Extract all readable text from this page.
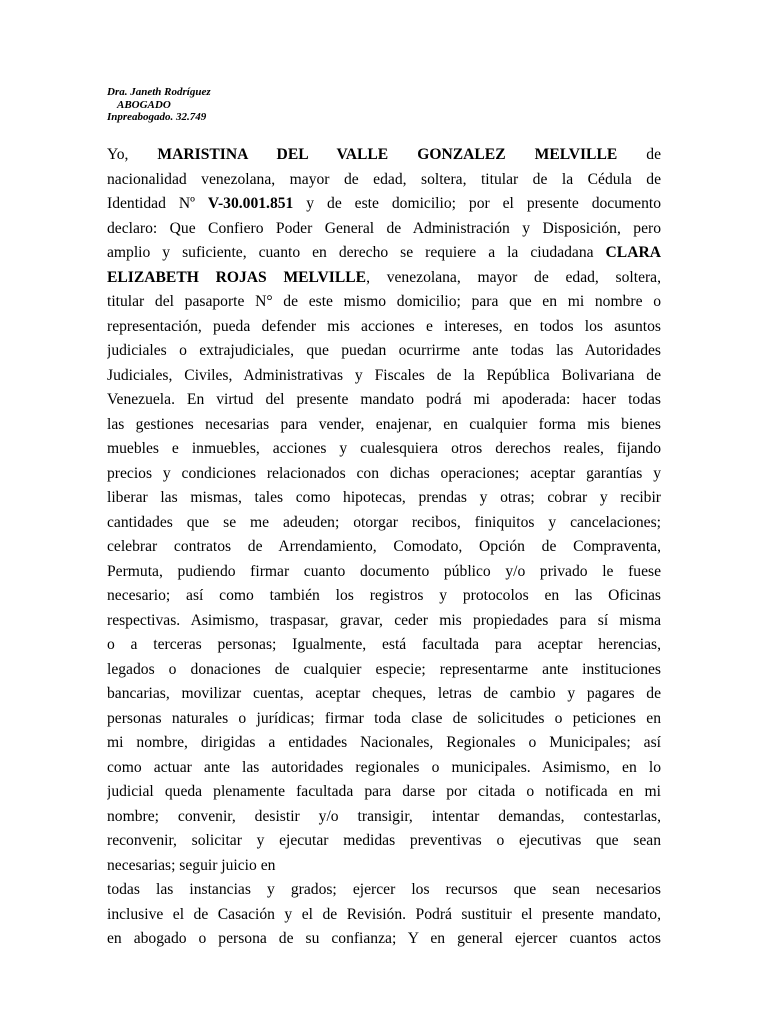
Dra. Janeth Rodríguez
ABOGADO
Inpreabogado. 32.749
Yo, MARISTINA DEL VALLE GONZALEZ MELVILLE de
nacionalidad venezolana, mayor de edad, soltera, titular de la Cédula de
Identidad Nº V-30.001.851 y de este domicilio; por el presente documento
declaro: Que Confiero Poder General de Administración y Disposición, pero
amplio y suficiente, cuanto en derecho se requiere a la ciudadana CLARA
ELIZABETH ROJAS MELVILLE, venezolana, mayor de edad, soltera,
titular del pasaporte N° de este mismo domicilio; para que en mi nombre o
representación, pueda defender mis acciones e intereses, en todos los asuntos
judiciales o extrajudiciales, que puedan ocurrirme ante todas las Autoridades
Judiciales, Civiles, Administrativas y Fiscales de la República Bolivariana de
Venezuela. En virtud del presente mandato podrá mi apoderada: hacer todas
las gestiones necesarias para vender, enajenar, en cualquier forma mis bienes
muebles e inmuebles, acciones y cualesquiera otros derechos reales, fijando
precios y condiciones relacionados con dichas operaciones; aceptar garantías y
liberar las mismas, tales como hipotecas, prendas y otras; cobrar y recibir
cantidades que se me adeuden; otorgar recibos, finiquitos y cancelaciones;
celebrar contratos de Arrendamiento, Comodato, Opción de Compraventa,
Permuta, pudiendo firmar cuanto documento público y/o privado le fuese
necesario; así como también los registros y protocolos en las Oficinas
respectivas. Asimismo, traspasar, gravar, ceder mis propiedades para sí misma
o a terceras personas; Igualmente, está facultada para aceptar herencias,
legados o donaciones de cualquier especie; representarme ante instituciones
bancarias, movilizar cuentas, aceptar cheques, letras de cambio y pagares de
personas naturales o jurídicas; firmar toda clase de solicitudes o peticiones en
mi nombre, dirigidas a entidades Nacionales, Regionales o Municipales; así
como actuar ante las autoridades regionales o municipales. Asimismo, en lo
judicial queda plenamente facultada para darse por citada o notificada en mi
nombre; convenir, desistir y/o transigir, intentar demandas, contestarlas,
reconvenir, solicitar y ejecutar medidas preventivas o ejecutivas que sean
necesarias; seguir juicio en
todas las instancias y grados; ejercer los recursos que sean necesarios
inclusive el de Casación y el de Revisión. Podrá sustituir el presente mandato,
en abogado o persona de su confianza; Y en general ejercer cuantos actos
